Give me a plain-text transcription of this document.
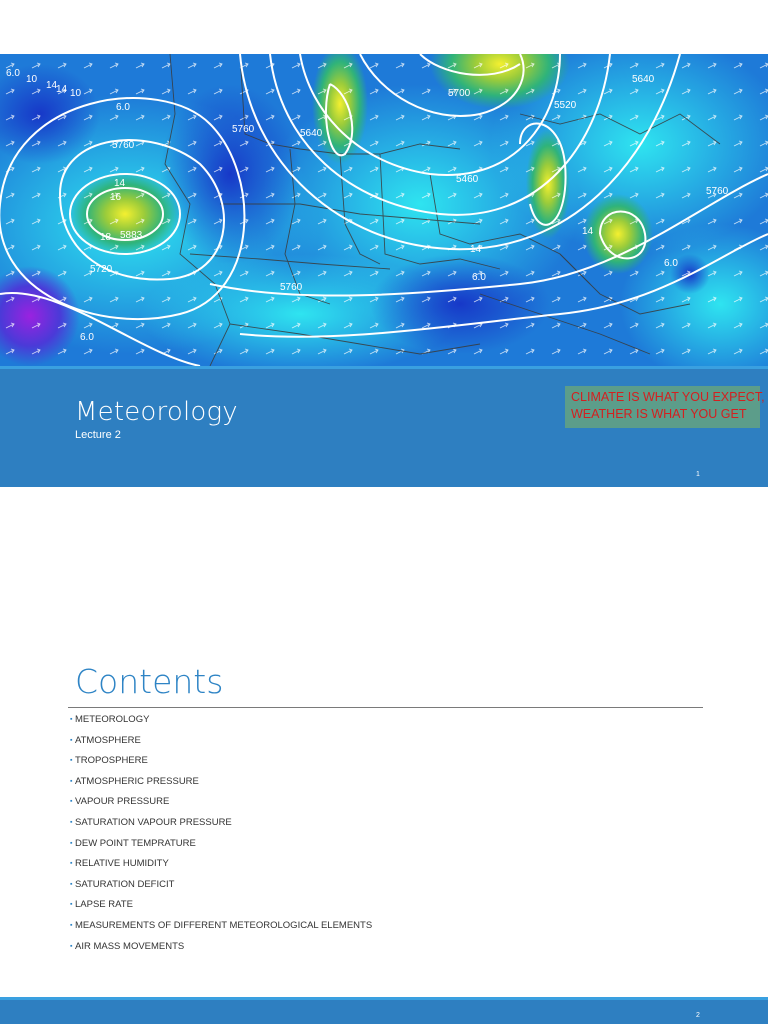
6.0
10
14
14 10
6.0
5760	5640
5700
5520
5640
5460
14
16
5883
5760
5720
5760
6.0
14
6.0
5760
14
6.0
18
Meteorology
Lecture 2
CLIMATE IS WHAT YOU EXPECT,
WEATHER IS WHAT YOU GET
1
Contents
▪ METEOROLOGY
▪ ATMOSPHERE
▪ TROPOSPHERE
▪ ATMOSPHERIC PRESSURE
▪ VAPOUR PRESSURE
▪ SATURATION VAPOUR PRESSURE
▪ DEW POINT TEMPRATURE
▪ RELATIVE HUMIDITY
▪ SATURATION DEFICIT
▪ LAPSE RATE
▪ MEASUREMENTS OF DIFFERENT METEOROLOGICAL ELEMENTS
▪ AIR MASS MOVEMENTS
2
